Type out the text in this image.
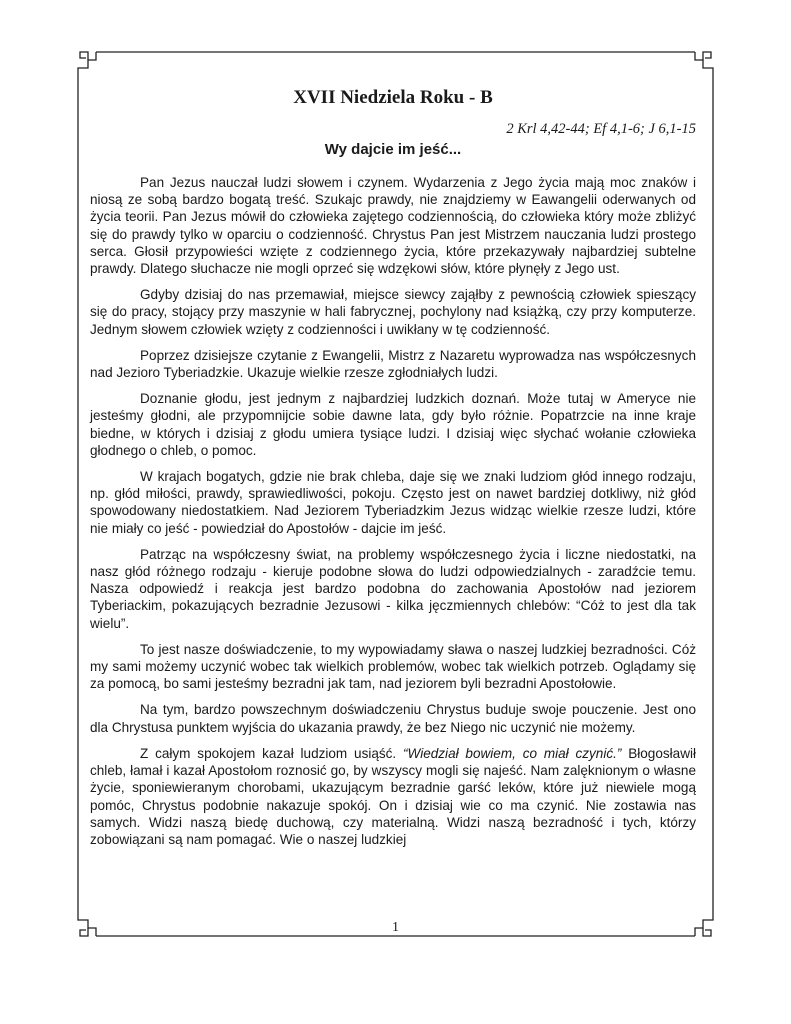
XVII Niedziela Roku - B
2 Krl 4,42-44; Ef 4,1-6; J 6,1-15
Wy dajcie im jeść...

Pan Jezus nauczał ludzi słowem i czynem. Wydarzenia z Jego życia mają moc znaków i niosą ze sobą bardzo bogatą treść. Szukajc prawdy, nie znajdziemy w Eawangelii oderwanych od życia teorii. Pan Jezus mówił do człowieka zajętego codziennością, do człowieka który może zbliżyć się do prawdy tylko w oparciu o codzienność. Chrystus Pan jest Mistrzem nauczania ludzi prostego serca. Głosił przypowieści wzięte z codziennego życia, które przekazywały najbardziej subtelne prawdy. Dlatego słuchacze nie mogli oprzeć się wdzękowi słów, które płynęły z Jego ust.

Gdyby dzisiaj do nas przemawiał, miejsce siewcy zająłby z pewnością człowiek spieszący się do pracy, stojący przy maszynie w hali fabrycznej, pochylony nad książką, czy przy komputerze. Jednym słowem człowiek wzięty z codzienności i uwikłany w tę codzienność.

Poprzez dzisiejsze czytanie z Ewangelii, Mistrz z Nazaretu wyprowadza nas współczesnych nad Jezioro Tyberiadzkie. Ukazuje wielkie rzesze zgłodniałych ludzi.

Doznanie głodu, jest jednym z najbardziej ludzkich doznań. Może tutaj w Ameryce nie jesteśmy głodni, ale przypomnijcie sobie dawne lata, gdy było różnie. Popatrzcie na inne kraje biedne, w których i dzisiaj z głodu umiera tysiące ludzi. I dzisiaj więc słychać wołanie człowieka głodnego o chleb, o pomoc.

W krajach bogatych, gdzie nie brak chleba, daje się we znaki ludziom głód innego rodzaju, np. głód miłości, prawdy, sprawiedliwości, pokoju. Często jest on nawet bardziej dotkliwy, niż głód spowodowany niedostatkiem. Nad Jeziorem Tyberiadzkim Jezus widząc wielkie rzesze ludzi, które nie miały co jeść - powiedział do Apostołów - dajcie im jeść.

Patrząc na współczesny świat, na problemy współczesnego życia i liczne niedostatki, na nasz głód różnego rodzaju - kieruje podobne słowa do ludzi odpowiedzialnych - zaradźcie temu. Nasza odpowiedź i reakcja jest bardzo podobna do zachowania Apostołów nad jeziorem Tyberiackim, pokazujących bezradnie Jezusowi - kilka jęczmiennych chlebów: “Cóż to jest dla tak wielu”.

To jest nasze doświadczenie, to my wypowiadamy sława o naszej ludzkiej bezradności. Cóż my sami możemy uczynić wobec tak wielkich problemów, wobec tak wielkich potrzeb. Oglądamy się za pomocą, bo sami jesteśmy bezradni jak tam, nad jeziorem byli bezradni Apostołowie.

Na tym, bardzo powszechnym doświadczeniu Chrystus buduje swoje pouczenie. Jest ono dla Chrystusa punktem wyjścia do ukazania prawdy, że bez Niego nic uczynić nie możemy.

Z całym spokojem kazał ludziom usiąść. “Wiedział bowiem, co miał czynić.” Błogosławił chleb, łamał i kazał Apostołom roznosić go, by wszyscy mogli się najeść. Nam zalęknionym o własne życie, sponiewieranym chorobami, ukazującym bezradnie garść leków, które już niewiele mogą pomóc, Chrystus podobnie nakazuje spokój. On i dzisiaj wie co ma czynić. Nie zostawia nas samych. Widzi naszą biedę duchową, czy materialną. Widzi naszą bezradność i tych, którzy zobowiązani są nam pomagać. Wie o naszej ludzkiej

1
